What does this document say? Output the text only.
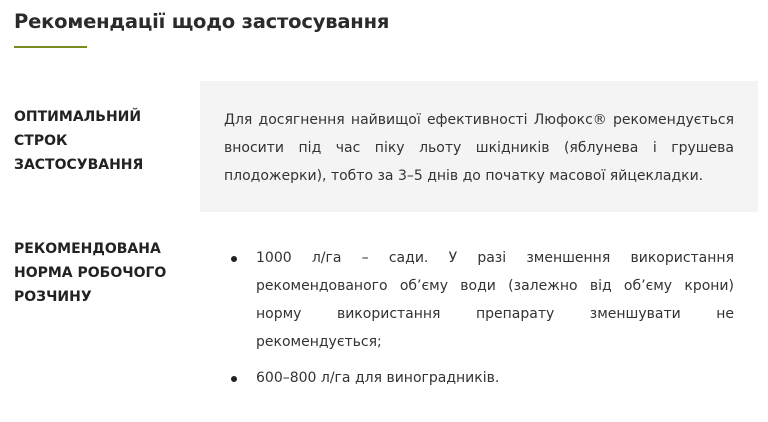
Рекомендації щодо застосування
ОПТИМАЛЬНИЙ
СТРОК
ЗАСТОСУВАННЯ

Для досягнення найвищої ефективності Люфокс® рекомендується вносити під час піку льоту шкідників (яблунева і грушева плодожерки), тобто за 3–5 днів до початку масової яйцекладки.

РЕКОМЕНДОВАНА
НОРМА РОБОЧОГО
РОЗЧИНУ
1000 л/га – сади. У разі зменшення використання рекомендованого об’єму води (залежно від об’єму крони) норму використання препарату зменшувати не рекомендується;
600–800 л/га для виноградників.
